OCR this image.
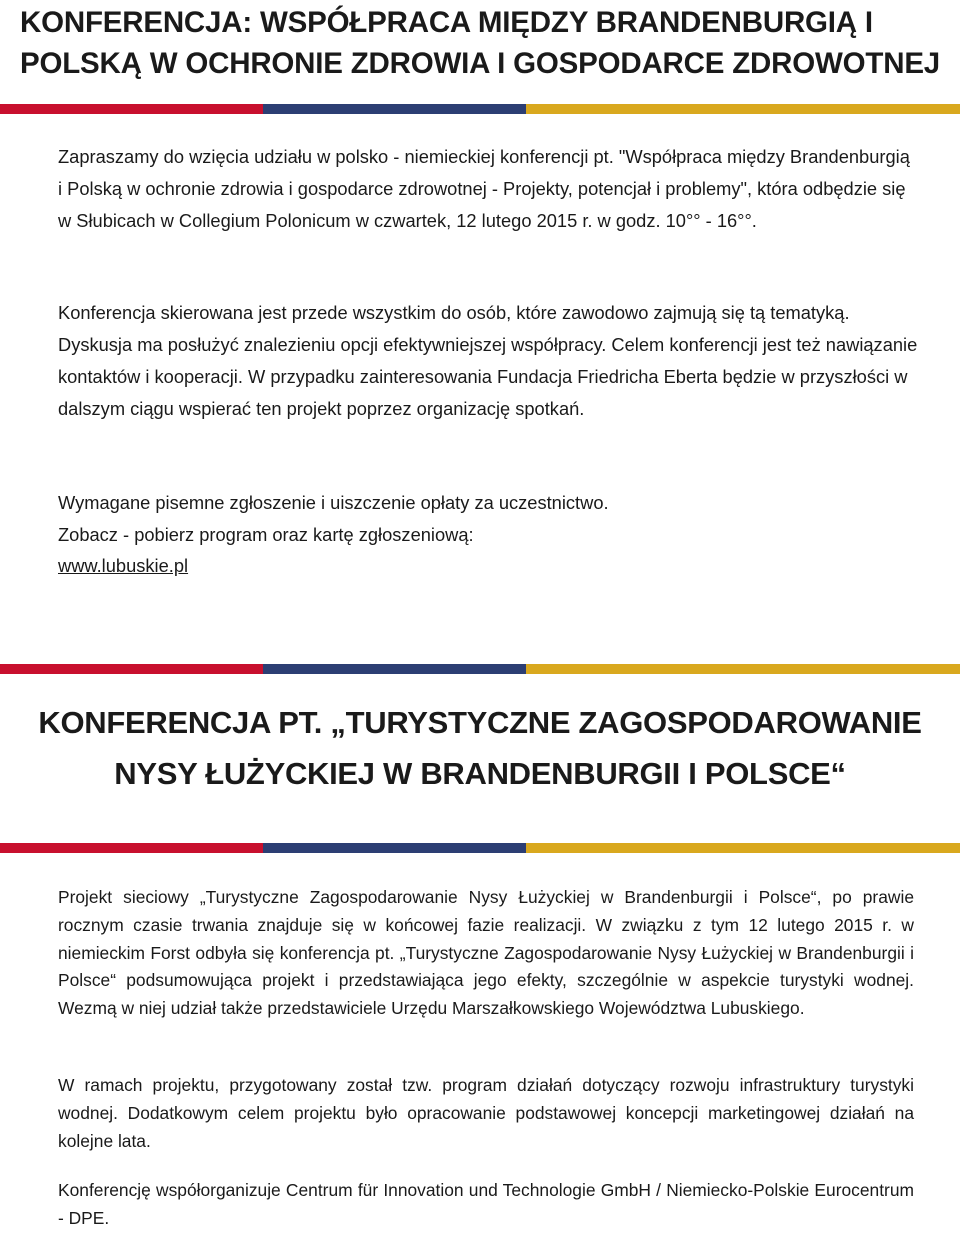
KONFERENCJA: WSPÓŁPRACA MIĘDZY BRANDENBURGIĄ I POLSKĄ W OCHRONIE ZDROWIA I GOSPODARCE ZDROWOTNEJ

Zapraszamy do wzięcia udziału w polsko - niemieckiej konferencji pt. "Współpraca między Brandenburgią i Polską w ochronie zdrowia i gospodarce zdrowotnej - Projekty, potencjał i problemy", która odbędzie się w Słubicach w Collegium Polonicum w czwartek, 12 lutego 2015 r. w godz. 10°° - 16°°.

Konferencja skierowana jest przede wszystkim do osób, które zawodowo zajmują się tą tematyką. Dyskusja ma posłużyć znalezieniu opcji efektywniejszej współpracy. Celem konferencji jest też nawiązanie kontaktów i kooperacji. W przypadku zainteresowania Fundacja Friedricha Eberta będzie w przyszłości w dalszym ciągu wspierać ten projekt poprzez organizację spotkań.

Wymagane pisemne zgłoszenie i uiszczenie opłaty za uczestnictwo.
Zobacz - pobierz program oraz kartę zgłoszeniową:
www.lubuskie.pl
KONFERENCJA PT. „TURYSTYCZNE ZAGOSPODAROWANIE
NYSY ŁUŻYCKIEJ W BRANDENBURGII I POLSCE“

Projekt sieciowy „Turystyczne Zagospodarowanie Nysy Łużyckiej w Brandenburgii i Polsce“, po prawie rocznym czasie trwania znajduje się w końcowej fazie realizacji. W związku z tym 12 lutego 2015 r. w niemieckim Forst odbyła się konferencja pt. „Turystyczne Zagospodarowanie Nysy Łużyckiej w Brandenburgii i Polsce“ podsumowująca projekt i przedstawiająca jego efekty, szczególnie w aspekcie turystyki wodnej. Wezmą w niej udział także przedstawiciele Urzędu Marszałkowskiego Województwa Lubuskiego.

W ramach projektu, przygotowany został tzw. program działań dotyczący rozwoju infrastruktury turystyki wodnej. Dodatkowym celem projektu było opracowanie podstawowej koncepcji marketingowej działań na kolejne lata.

Konferencję współorganizuje Centrum für Innovation und Technologie GmbH / Niemiecko-Polskie Eurocentrum - DPE.
